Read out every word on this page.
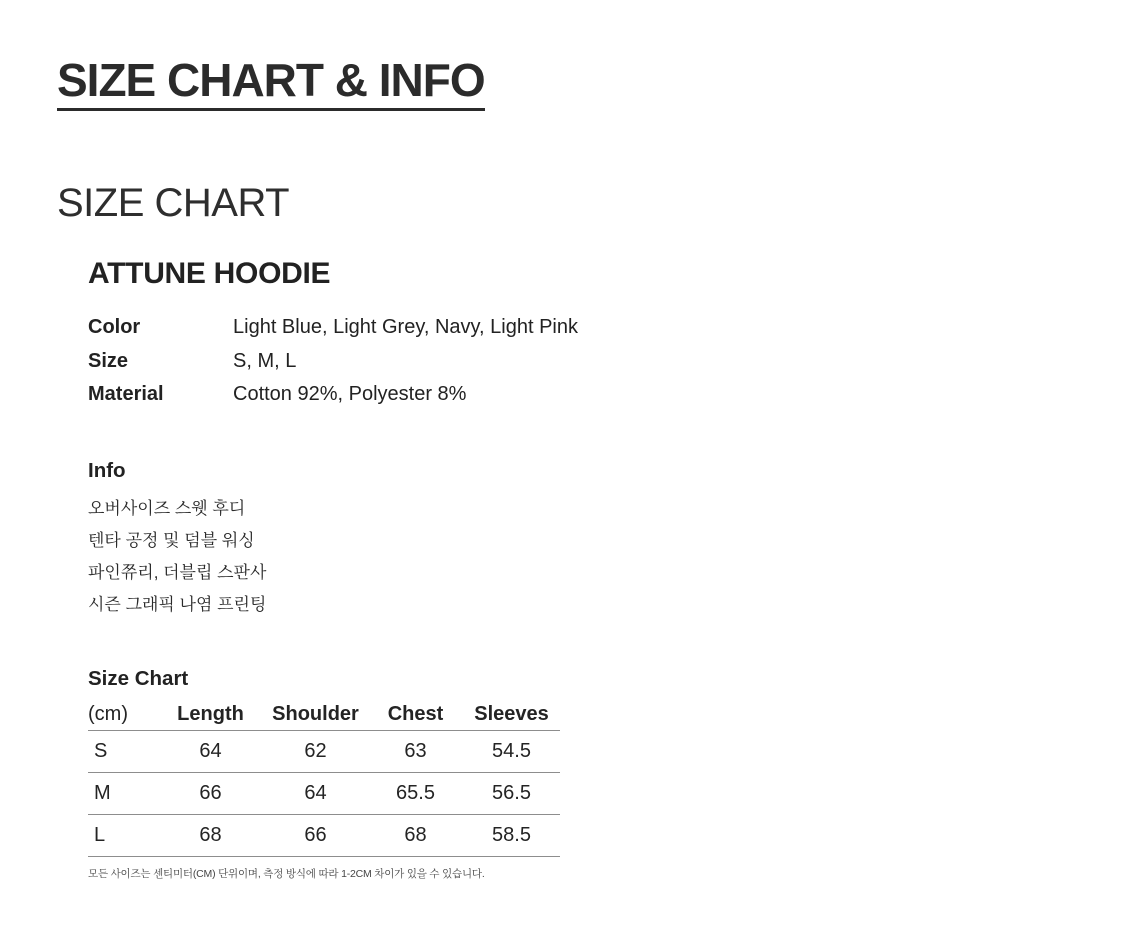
SIZE CHART & INFO
SIZE CHART
ATTUNE HOODIE
Color	Light Blue, Light Grey, Navy, Light Pink
Size	S, M, L
Material	Cotton 92%, Polyester 8%
Info
오버사이즈 스웻 후디
텐타 공정 및 덤블 워싱
파인쮸리, 더블립 스판사
시즌 그래픽 나염 프린팅
Size Chart
(cm)	Length	Shoulder	Chest	Sleeves
S	64	62	63	54.5
M	66	64	65.5	56.5
L	68	66	68	58.5
모든 사이즈는 센티미터(CM) 단위이며, 측정 방식에 따라 1-2CM 차이가 있을 수 있습니다.
